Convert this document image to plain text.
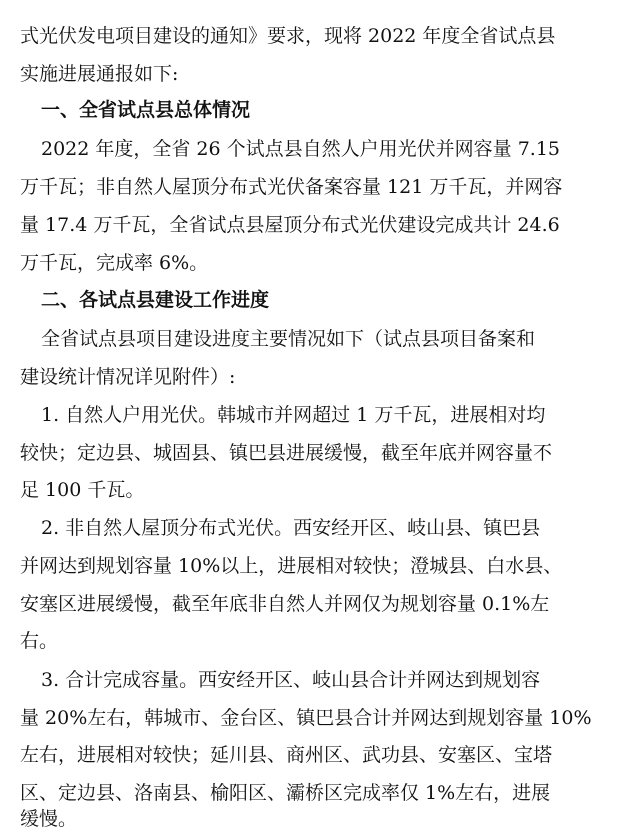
式光伏发电项目建设的通知》要求，现将 2022 年度全省试点县
实施进展通报如下:
一、全省试点县总体情况
2022 年度，全省 26 个试点县自然人户用光伏并网容量 7.15
万千瓦；非自然人屋顶分布式光伏备案容量 121 万千瓦，并网容
量 17.4 万千瓦，全省试点县屋顶分布式光伏建设完成共计 24.6
万千瓦，完成率 6%。
二、各试点县建设工作进度
全省试点县项目建设进度主要情况如下（试点县项目备案和
建设统计情况详见附件）:
1. 自然人户用光伏。韩城市并网超过 1 万千瓦，进展相对均
较快；定边县、城固县、镇巴县进展缓慢，截至年底并网容量不
足 100 千瓦。
2. 非自然人屋顶分布式光伏。西安经开区、岐山县、镇巴县
并网达到规划容量 10%以上，进展相对较快；澄城县、白水县、
安塞区进展缓慢，截至年底非自然人并网仅为规划容量 0.1%左
右。
3. 合计完成容量。西安经开区、岐山县合计并网达到规划容
量 20%左右，韩城市、金台区、镇巴县合计并网达到规划容量 10%
左右，进展相对较快；延川县、商州区、武功县、安塞区、宝塔
区、定边县、洛南县、榆阳区、灞桥区完成率仅 1%左右，进展
缓慢。
